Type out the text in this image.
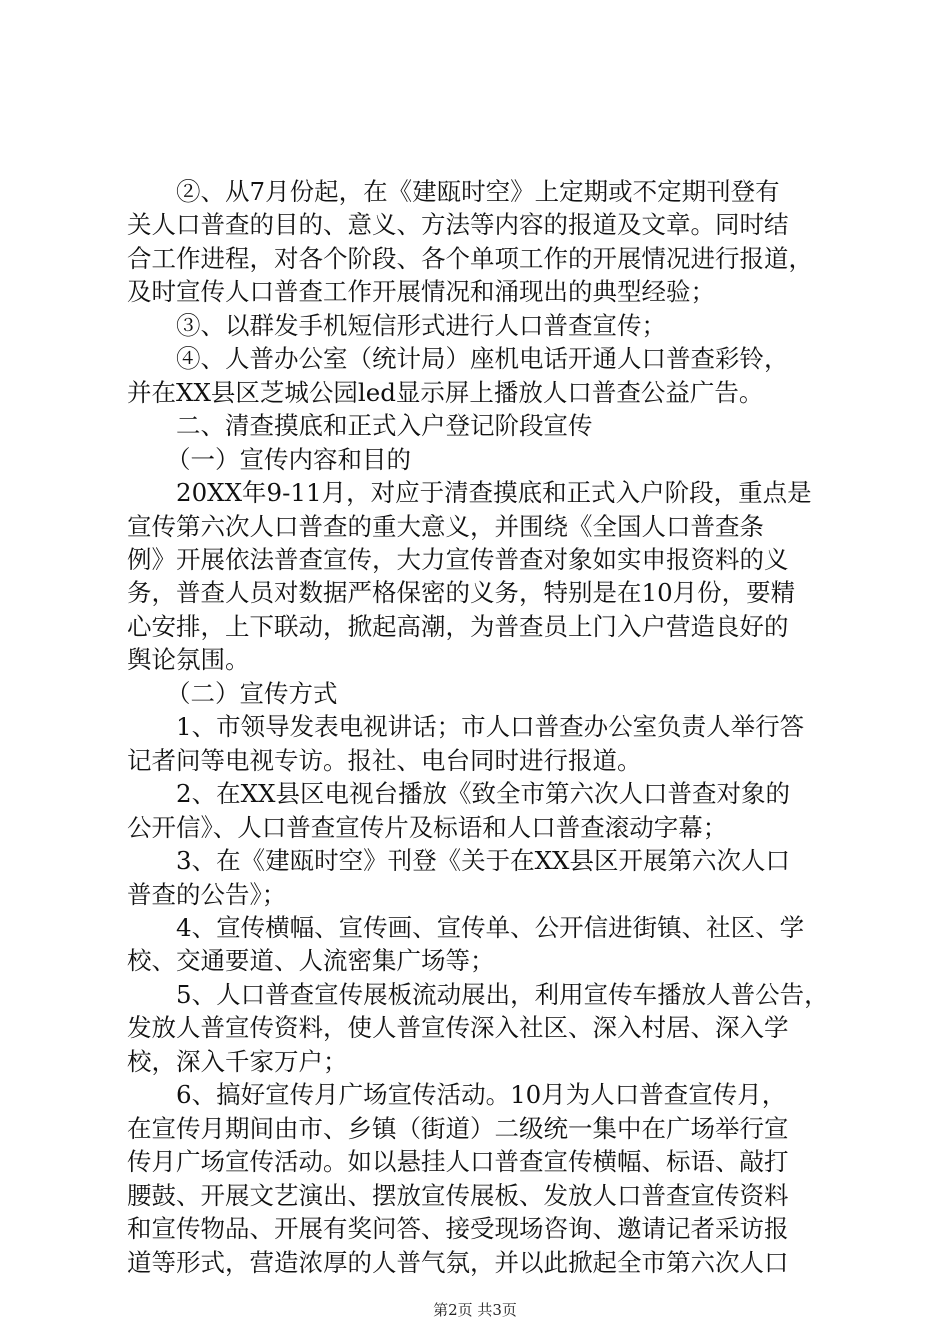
②、从7月份起，在《建瓯时空》上定期或不定期刊登有
关人口普查的目的、意义、方法等内容的报道及文章。同时结
合工作进程，对各个阶段、各个单项工作的开展情况进行报道，
及时宣传人口普查工作开展情况和涌现出的典型经验；
③、以群发手机短信形式进行人口普查宣传；
④、人普办公室（统计局）座机电话开通人口普查彩铃，
并在XX县区芝城公园led显示屏上播放人口普查公益广告。
二、清查摸底和正式入户登记阶段宣传
（一）宣传内容和目的
20XX年9-11月，对应于清查摸底和正式入户阶段，重点是
宣传第六次人口普查的重大意义，并围绕《全国人口普查条
例》开展依法普查宣传，大力宣传普查对象如实申报资料的义
务，普查人员对数据严格保密的义务，特别是在10月份，要精
心安排，上下联动，掀起高潮，为普查员上门入户营造良好的
舆论氛围。
（二）宣传方式
1、市领导发表电视讲话；市人口普查办公室负责人举行答
记者问等电视专访。报社、电台同时进行报道。
2、在XX县区电视台播放《致全市第六次人口普查对象的
公开信》、人口普查宣传片及标语和人口普查滚动字幕；
3、在《建瓯时空》刊登《关于在XX县区开展第六次人口
普查的公告》；
4、宣传横幅、宣传画、宣传单、公开信进街镇、社区、学
校、交通要道、人流密集广场等；
5、人口普查宣传展板流动展出，利用宣传车播放人普公告，
发放人普宣传资料，使人普宣传深入社区、深入村居、深入学
校，深入千家万户；
6、搞好宣传月广场宣传活动。10月为人口普查宣传月，
在宣传月期间由市、乡镇（街道）二级统一集中在广场举行宣
传月广场宣传活动。如以悬挂人口普查宣传横幅、标语、敲打
腰鼓、开展文艺演出、摆放宣传展板、发放人口普查宣传资料
和宣传物品、开展有奖问答、接受现场咨询、邀请记者采访报
道等形式，营造浓厚的人普气氛，并以此掀起全市第六次人口
第2页 共3页
